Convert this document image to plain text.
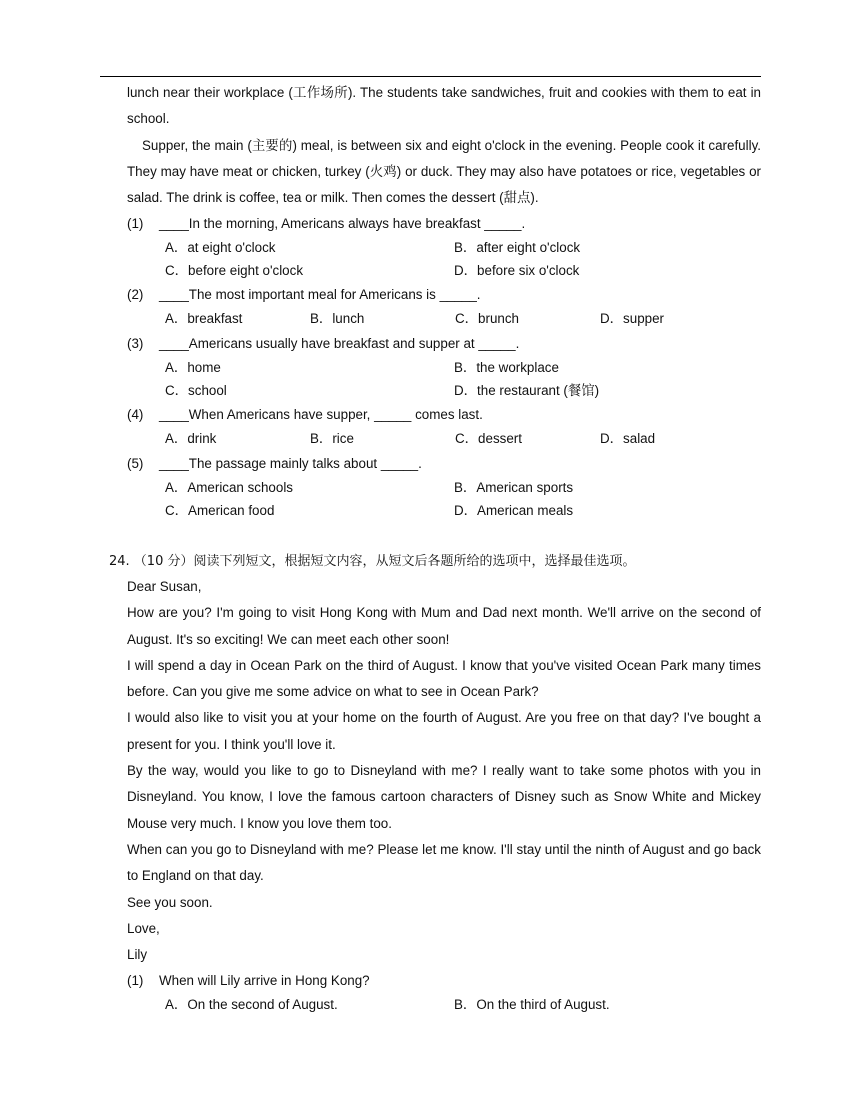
lunch near their workplace (工作场所). The students take sandwiches, fruit and cookies with them to eat in school.

Supper, the main (主要的) meal, is between six and eight o'clock in the evening. People cook it carefully. They may have meat or chicken, turkey (火鸡) or duck. They may also have potatoes or rice, vegetables or salad. The drink is coffee, tea or milk. Then comes the dessert (甜点).

(1)	____In the morning, Americans always have breakfast _____.
A．at eight o'clock	B．after eight o'clock
C．before eight o'clock	D．before six o'clock
(2)	____The most important meal for Americans is _____.
A．breakfast	B．lunch	C．brunch	D．supper
(3)	____Americans usually have breakfast and supper at _____.
A．home	B．the workplace
C．school	D．the restaurant (餐馆)
(4)	____When Americans have supper, _____ comes last.
A．drink	B．rice	C．dessert	D．salad
(5)	____The passage mainly talks about _____.
A．American schools	B．American sports
C．American food	D．American meals
24. （10 分）阅读下列短文，根据短文内容，从短文后各题所给的选项中，选择最佳选项。

Dear Susan,

How are you? I'm going to visit Hong Kong with Mum and Dad next month. We'll arrive on the second of August. It's so exciting! We can meet each other soon!

I will spend a day in Ocean Park on the third of August. I know that you've visited Ocean Park many times before. Can you give me some advice on what to see in Ocean Park?

I would also like to visit you at your home on the fourth of August. Are you free on that day? I've bought a present for you. I think you'll love it.

By the way, would you like to go to Disneyland with me? I really want to take some photos with you in Disneyland. You know, I love the famous cartoon characters of Disney such as Snow White and Mickey Mouse very much. I know you love them too.

When can you go to Disneyland with me? Please let me know. I'll stay until the ninth of August and go back to England on that day.

See you soon.

Love,

Lily

(1)	When will Lily arrive in Hong Kong?
A．On the second of August.	B．On the third of August.
